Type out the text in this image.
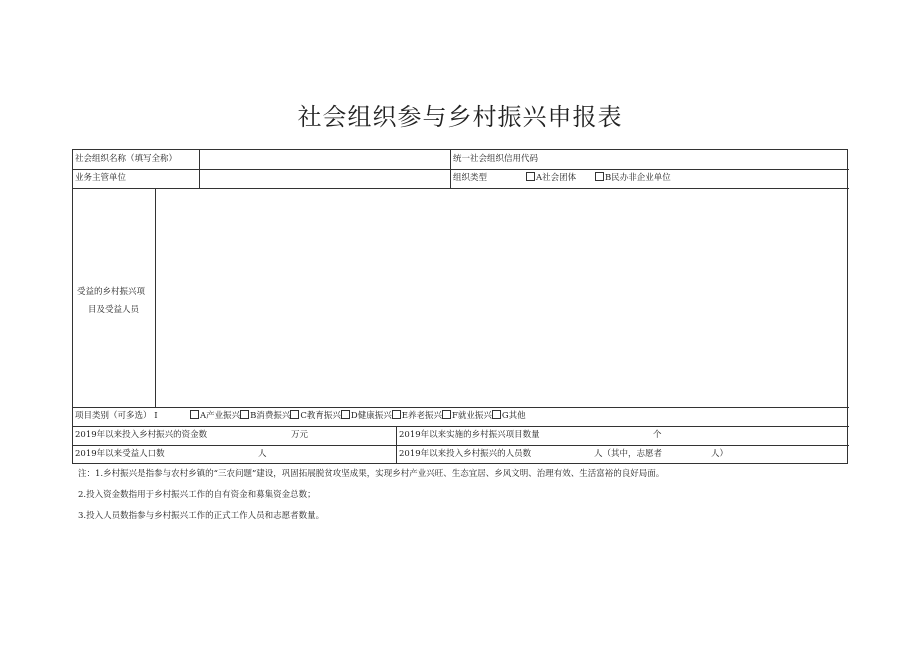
社会组织参与乡村振兴申报表
社会组织名称（填写全称）	统一社会组织信用代码
业务主管单位	组织类型	A社会团体	B民办非企业单位
受益的乡村振兴项
目及受益人员
项目类别（可多选） I	A产业振兴 B消费振兴 C教育振兴 D健康振兴 E养老振兴 F就业振兴 G其他
2019年以来投入乡村振兴的资金数	万元	2019年以来实施的乡村振兴项目数量	个
2019年以来受益人口数	人	2019年以来投入乡村振兴的人员数	人（其中，志愿者	人）
注：1.乡村振兴是指参与农村乡镇的“三农问题”建设，巩固拓展脱贫攻坚成果，实现乡村产业兴旺、生态宜居、乡风文明、治理有效、生活富裕的良好局面。
2.投入资金数指用于乡村振兴工作的自有资金和募集资金总数；
3.投入人员数指参与乡村振兴工作的正式工作人员和志愿者数量。
